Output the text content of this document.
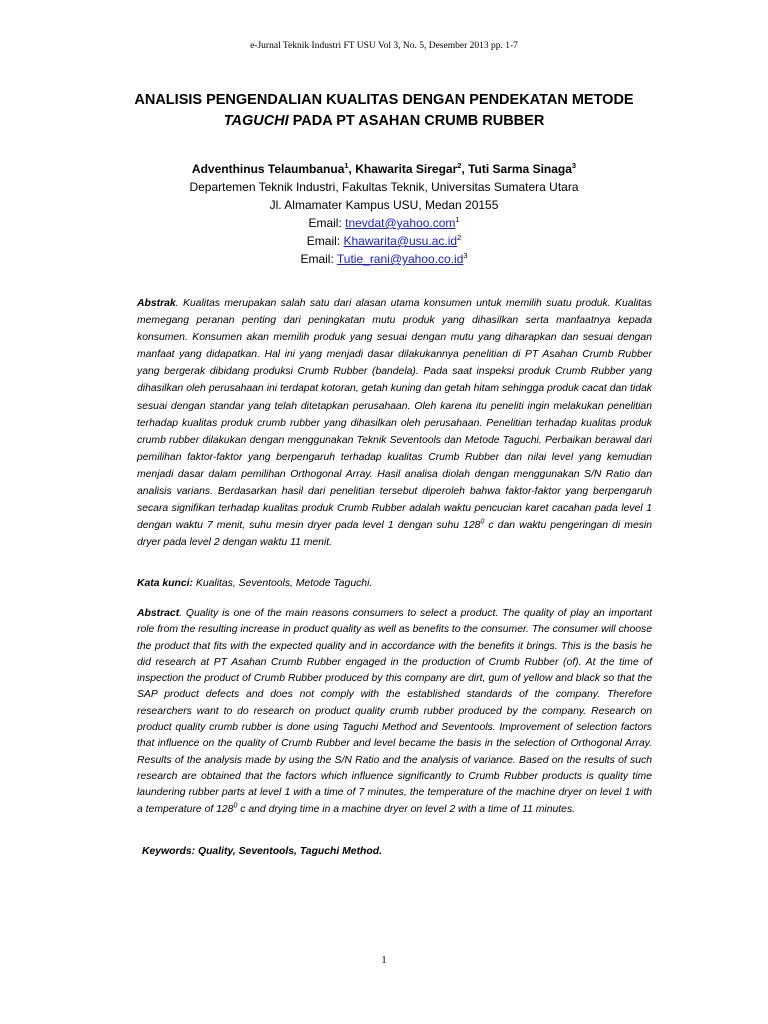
e-Jurnal Teknik Industri FT USU Vol 3, No. 5, Desember 2013 pp. 1-7
ANALISIS PENGENDALIAN KUALITAS DENGAN PENDEKATAN METODE
TAGUCHI PADA PT ASAHAN CRUMB RUBBER
Adventhinus Telaumbanua$^1$, Khawarita Siregar$^2$, Tuti Sarma Sinaga$^3$
Departemen Teknik Industri, Fakultas Teknik, Universitas Sumatera Utara
Jl. Almamater Kampus USU, Medan 20155
Email: tnevdat@yahoo.com$^1$
Email: $Khawarita@usu.ac.id^2$
Email: $Tutie\_rani@yahoo.co.id^3$
Abstrak. Kualitas merupakan salah satu dari alasan utama konsumen untuk memilih suatu produk. Kualitas memegang peranan penting dari peningkatan mutu produk yang dihasilkan serta manfaatnya kepada konsumen. Konsumen akan memilih produk yang sesuai dengan mutu yang diharapkan dan sesuai dengan manfaat yang didapatkan. Hal ini yang menjadi dasar dilakukannya penelitian di PT Asahan Crumb Rubber yang bergerak dibidang produksi Crumb Rubber (bandela). Pada saat inspeksi produk Crumb Rubber yang dihasilkan oleh perusahaan ini terdapat kotoran, getah kuning dan getah hitam sehingga produk cacat dan tidak sesuai dengan standar yang telah ditetapkan perusahaan. Oleh karena itu peneliti ingin melakukan penelitian terhadap kualitas produk crumb rubber yang dihasilkan oleh perusahaan. Penelitian terhadap kualitas produk crumb rubber dilakukan dengan menggunakan Teknik Seventools dan Metode Taguchi. Perbaikan berawal dari pemilihan faktor-faktor yang berpengaruh terhadap kualitas Crumb Rubber dan nilai level yang kemudian menjadi dasar dalam pemilihan Orthogonal Array. Hasil analisa diolah dengan menggunakan S/N Ratio dan analisis varians. Berdasarkan hasil dari penelitian tersebut diperoleh bahwa faktor-faktor yang berpengaruh secara signifikan terhadap kualitas produk Crumb Rubber adalah waktu pencucian karet cacahan pada level 1 dengan waktu 7 menit, suhu mesin dryer pada level 1 dengan suhu $128^0$ c dan waktu pengeringan di mesin dryer pada level 2 dengan waktu 11 menit.
Kata kunci: Kualitas, Seventools, Metode Taguchi.
Abstract. Quality is one of the main reasons consumers to select a product. The quality of play an important role from the resulting increase in product quality as well as benefits to the consumer. The consumer will choose the product that fits with the expected quality and in accordance with the benefits it brings. This is the basis he did research at PT Asahan Crumb Rubber engaged in the production of Crumb Rubber (of). At the time of inspection the product of Crumb Rubber produced by this company are dirt, gum of yellow and black so that the SAP product defects and does not comply with the established standards of the company. Therefore researchers want to do research on product quality crumb rubber produced by the company. Research on product quality crumb rubber is done using Taguchi Method and Seventools. Improvement of selection factors that influence on the quality of Crumb Rubber and level became the basis in the selection of Orthogonal Array. Results of the analysis made by using the S/N Ratio and the analysis of variance. Based on the results of such research are obtained that the factors which influence significantly to Crumb Rubber products is quality time laundering rubber parts at level 1 with a time of 7 minutes, the temperature of the machine dryer on level 1 with a temperature of $128^0$ c and drying time in a machine dryer on level 2 with a time of 11 minutes.
Keywords: Quality, Seventools, Taguchi Method.
1
